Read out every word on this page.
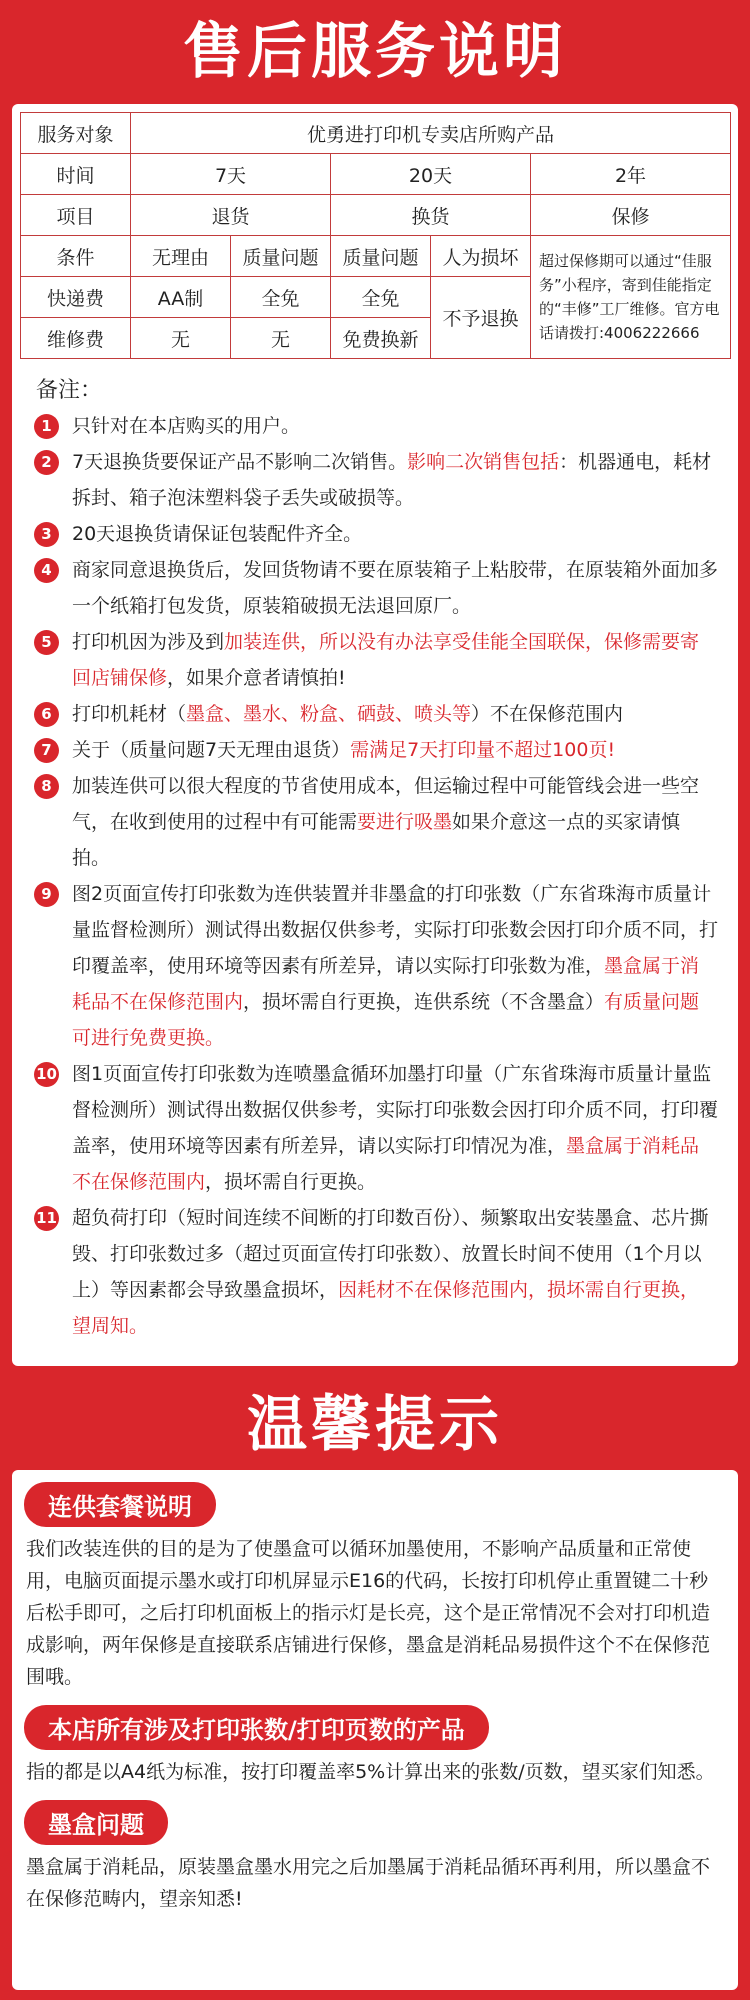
售后服务说明
服务对象	优勇进打印机专卖店所购产品				
时间	7天		20天		2年
项目	退货		换货		保修
条件	无理由	质量问题	质量问题	人为损坏	超过保修期可以通过“佳服务”小程序，寄到佳能指定的“丰修”工厂维修。官方电话请拨打:4006222666
快递费	AA制	全免	全免	不予退换	
维修费	无	无	免费换新		
备注：
1	只针对在本店购买的用户。
2	7天退换货要保证产品不影响二次销售。影响二次销售包括：机器通电，耗材拆封、箱子泡沫塑料袋子丢失或破损等。
3	20天退换货请保证包装配件齐全。
4	商家同意退换货后，发回货物请不要在原装箱子上粘胶带，在原装箱外面加多一个纸箱打包发货，原装箱破损无法退回原厂。
5	打印机因为涉及到加装连供，所以没有办法享受佳能全国联保，保修需要寄回店铺保修，如果介意者请慎拍!
6	打印机耗材（墨盒、墨水、粉盒、硒鼓、喷头等）不在保修范围内
7	关于（质量问题7天无理由退货）需满足7天打印量不超过100页!
8	加装连供可以很大程度的节省使用成本，但运输过程中可能管线会进一些空气，在收到使用的过程中有可能需要进行吸墨如果介意这一点的买家请慎拍。
9	图2页面宣传打印张数为连供装置并非墨盒的打印张数（广东省珠海市质量计量监督检测所）测试得出数据仅供参考，实际打印张数会因打印介质不同，打印覆盖率，使用环境等因素有所差异，请以实际打印张数为准，墨盒属于消耗品不在保修范围内，损坏需自行更换，连供系统（不含墨盒）有质量问题可进行免费更换。
10 图1页面宣传打印张数为连喷墨盒循环加墨打印量（广东省珠海市质量计量监督检测所）测试得出数据仅供参考，实际打印张数会因打印介质不同，打印覆盖率，使用环境等因素有所差异，请以实际打印情况为准，墨盒属于消耗品不在保修范围内，损坏需自行更换。
11 超负荷打印（短时间连续不间断的打印数百份）、频繁取出安装墨盒、芯片撕毁、打印张数过多（超过页面宣传打印张数）、放置长时间不使用（1个月以上）等因素都会导致墨盒损坏，因耗材不在保修范围内，损坏需自行更换，望周知。
温馨提示
连供套餐说明

我们改装连供的目的是为了使墨盒可以循环加墨使用，不影响产品质量和正常使用，电脑页面提示墨水或打印机屏显示E16的代码，长按打印机停止重置键二十秒后松手即可，之后打印机面板上的指示灯是长亮，这个是正常情况不会对打印机造成影响，两年保修是直接联系店铺进行保修，墨盒是消耗品易损件这个不在保修范围哦。

本店所有涉及打印张数/打印页数的产品

指的都是以A4纸为标准，按打印覆盖率5%计算出来的张数/页数，望买家们知悉。

墨盒问题

墨盒属于消耗品，原装墨盒墨水用完之后加墨属于消耗品循环再利用，所以墨盒不在保修范畴内，望亲知悉!
